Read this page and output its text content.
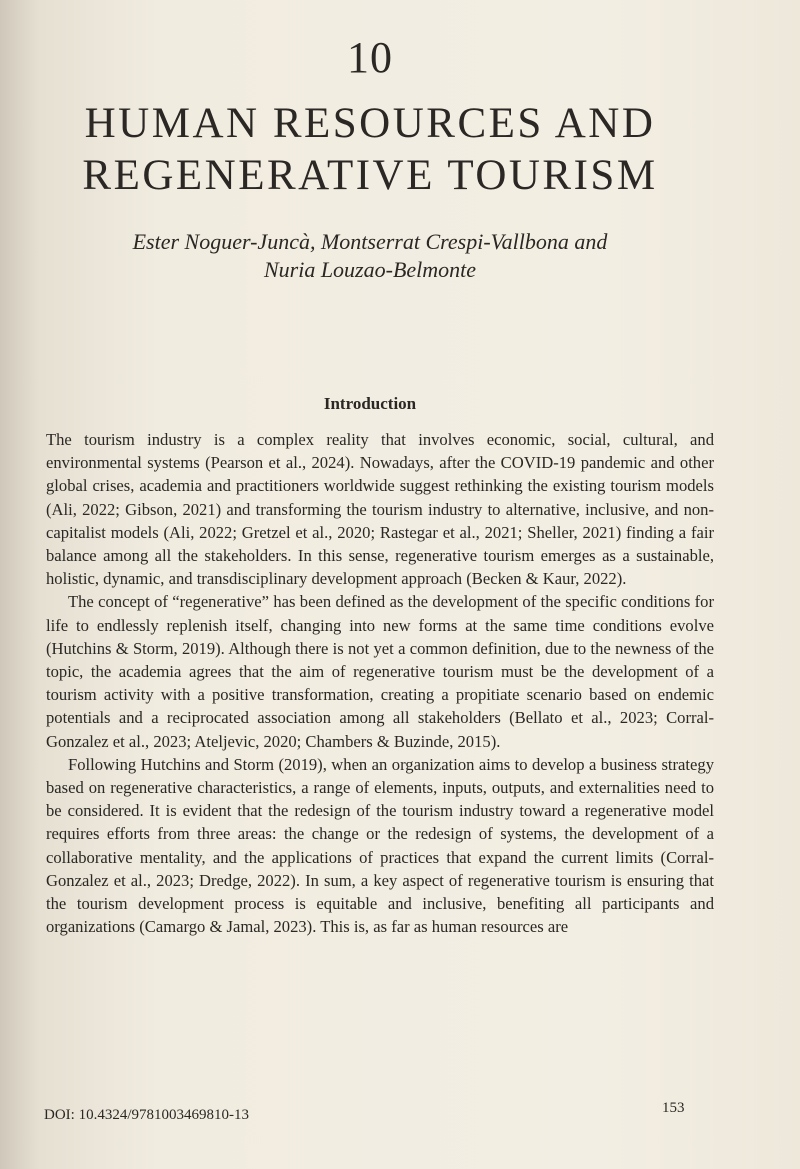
10
HUMAN RESOURCES AND
REGENERATIVE TOURISM
Ester Noguer-Juncà, Montserrat Crespi-Vallbona and
Nuria Louzao-Belmonte
Introduction

The tourism industry is a complex reality that involves economic, social, cultural, and environmental systems (Pearson et al., 2024). Nowadays, after the COVID-19 pandemic and other global crises, academia and practitioners worldwide suggest rethinking the existing tourism models (Ali, 2022; Gibson, 2021) and transforming the tourism industry to alternative, inclusive, and non-capitalist models (Ali, 2022; Gretzel et al., 2020; Rastegar et al., 2021; Sheller, 2021) finding a fair balance among all the stakeholders. In this sense, regenerative tourism emerges as a sustainable, holistic, dynamic, and transdisciplinary development approach (Becken & Kaur, 2022).

The concept of “regenerative” has been defined as the development of the specific conditions for life to endlessly replenish itself, changing into new forms at the same time conditions evolve (Hutchins & Storm, 2019). Although there is not yet a common definition, due to the newness of the topic, the academia agrees that the aim of regenerative tourism must be the development of a tourism activity with a positive transformation, creating a propitiate scenario based on endemic potentials and a reciprocated association among all stakeholders (Bellato et al., 2023; Corral-Gonzalez et al., 2023; Ateljevic, 2020; Chambers & Buzinde, 2015).

Following Hutchins and Storm (2019), when an organization aims to develop a business strategy based on regenerative characteristics, a range of elements, inputs, outputs, and externalities need to be considered. It is evident that the redesign of the tourism industry toward a regenerative model requires efforts from three areas: the change or the redesign of systems, the development of a collaborative mentality, and the applications of practices that expand the current limits (Corral-Gonzalez et al., 2023; Dredge, 2022). In sum, a key aspect of regenerative tourism is ensuring that the tourism development process is equitable and inclusive, benefiting all participants and organizations (Camargo & Jamal, 2023). This is, as far as human resources are

DOI: 10.4324/9781003469810-13	153
